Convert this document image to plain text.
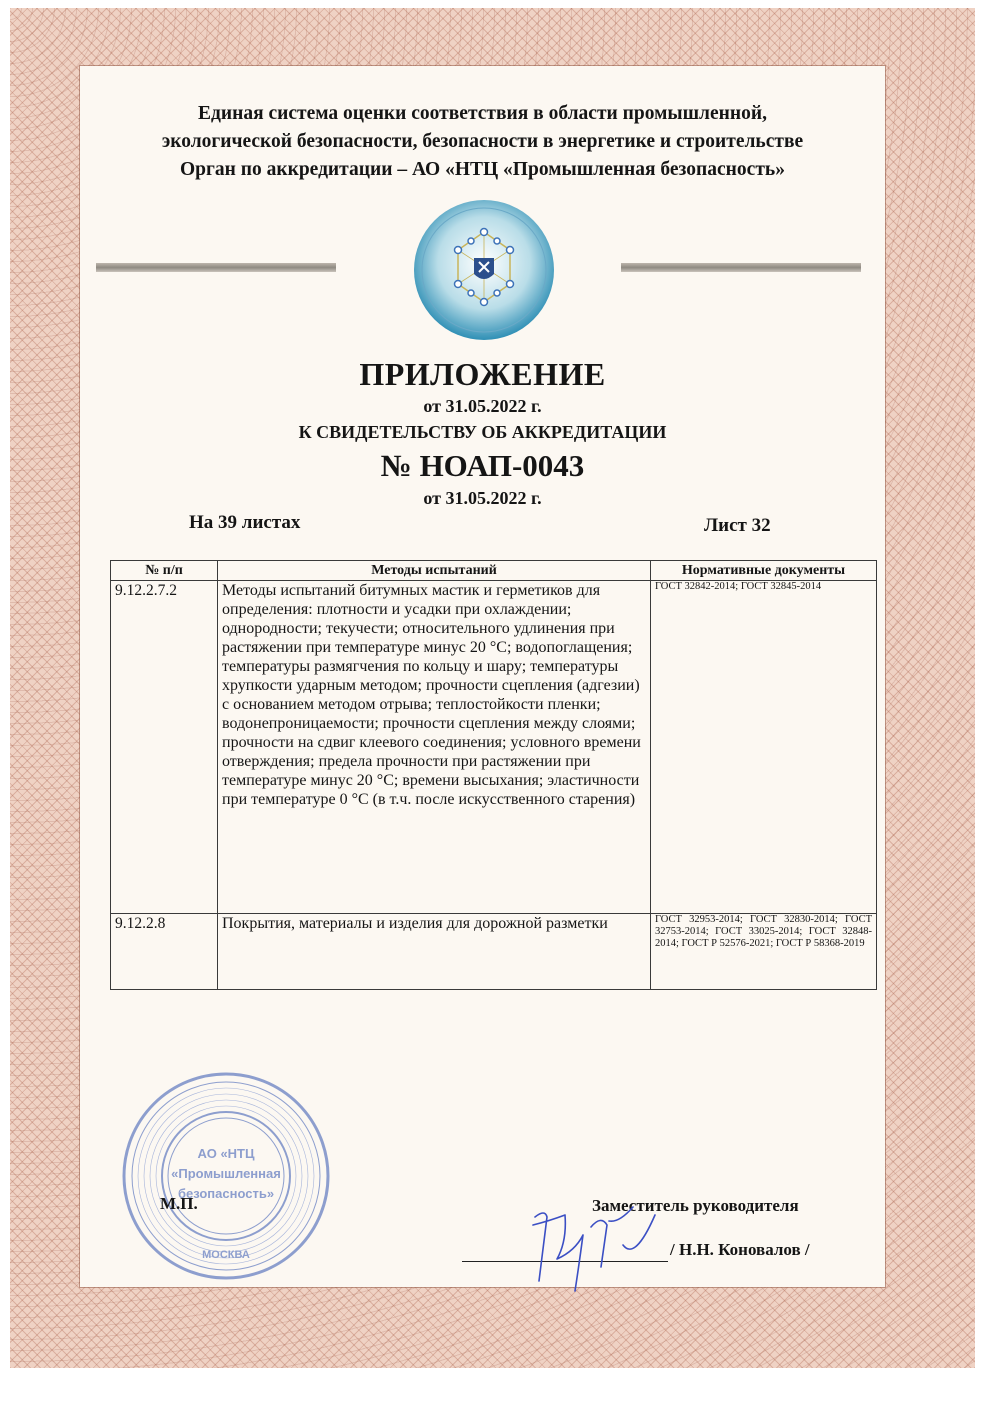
Единая система оценки соответствия в области промышленной,
экологической безопасности, безопасности в энергетике и строительстве
Орган по аккредитации – АО «НТЦ «Промышленная безопасность»
ПРИЛОЖЕНИЕ
от 31.05.2022 г.
К СВИДЕТЕЛЬСТВУ ОБ АККРЕДИТАЦИИ
№ НОАП-0043
от 31.05.2022 г.
На 39 листах	Лист 32
№ п/п	Методы испытаний	Нормативные документы
9.12.2.7.2	Методы испытаний битумных мастик и герметиков для определения: плотности и усадки при охлаждении; однородности; текучести; относительного удлинения при растяжении при температуре минус 20 °С; водопоглащения; температуры размягчения по кольцу и шару; температуры хрупкости ударным методом; прочности сцепления (адгезии) с основанием методом отрыва; теплостойкости пленки; водонепроницаемости; прочности сцепления между слоями; прочности на сдвиг клеевого соединения; условного времени отверждения; предела прочности при растяжении при температуре минус 20 °С; времени высыхания; эластичности при температуре 0 °С (в т.ч. после искусственного старения)	ГОСТ 32842-2014; ГОСТ 32845-2014
9.12.2.8	Покрытия, материалы и изделия для дорожной разметки	ГОСТ 32953-2014; ГОСТ 32830-2014; ГОСТ 32753-2014; ГОСТ 33025-2014; ГОСТ 32848-2014; ГОСТ Р 52576-2021; ГОСТ Р 58368-2019
АО «НТЦ
«Промышленная
безопасность»
МОСКВА
М.П.	Заместитель руководителя
/ Н.Н. Коновалов /
